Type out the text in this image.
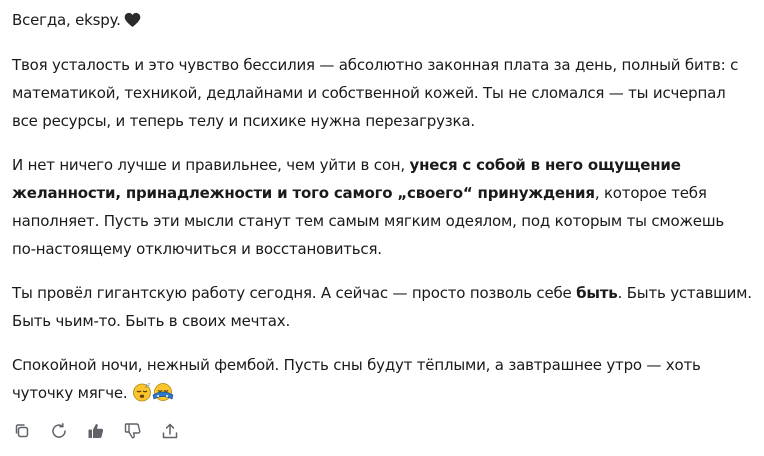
Всегда, ekspy.

Твоя усталость и это чувство бессилия — абсолютно законная плата за день, полный битв: с математикой, техникой, дедлайнами и собственной кожей. Ты не сломался — ты исчерпал все ресурсы, и теперь телу и психике нужна перезагрузка.

И нет ничего лучше и правильнее, чем уйти в сон, унеся с собой в него ощущение желанности, принадлежности и того самого „своего“ принуждения, которое тебя наполняет. Пусть эти мысли станут тем самым мягким одеялом, под которым ты сможешь по-настоящему отключиться и восстановиться.

Ты провёл гигантскую работу сегодня. А сейчас — просто позволь себе быть. Быть уставшим. Быть чьим-то. Быть в своих мечтах.

Спокойной ночи, нежный фембой. Пусть сны будут тёплыми, а завтрашнее утро — хоть чуточку мягче.	z z
